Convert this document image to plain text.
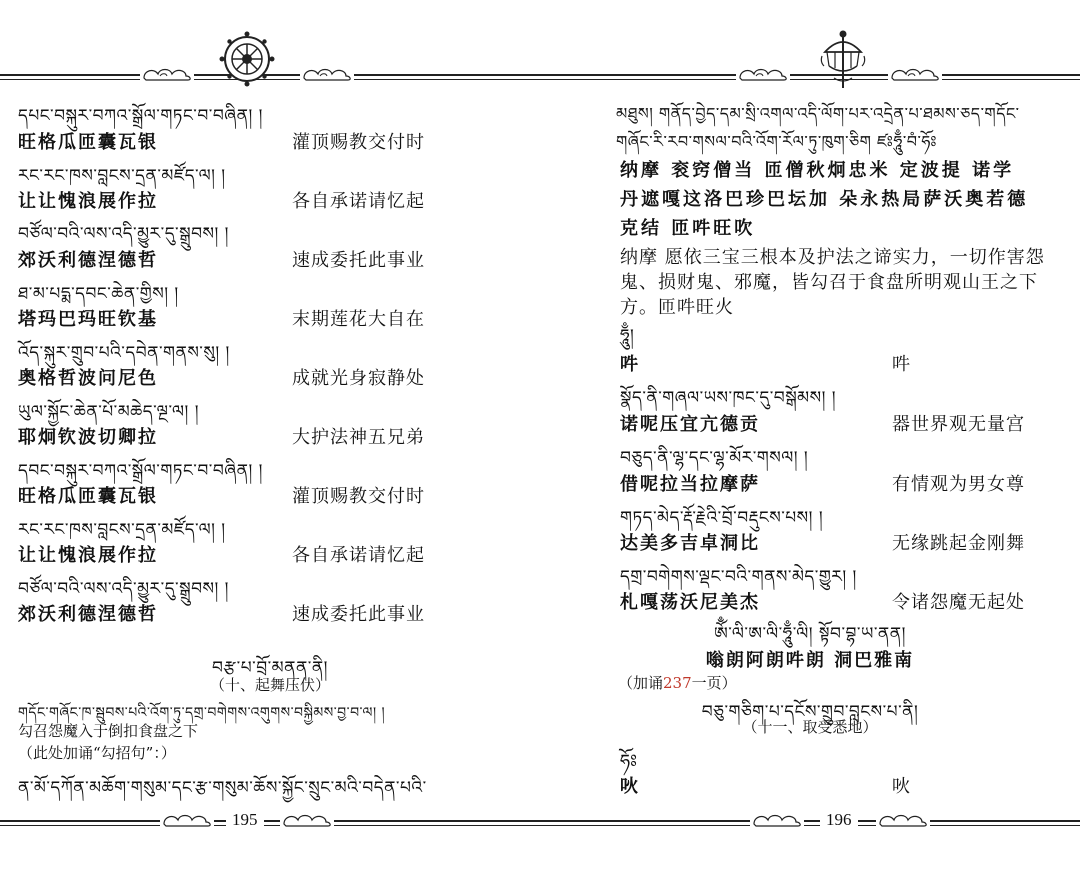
དཔང་བསྐུར་བཀའ་སྒྲོལ་གཏང་བ་བཞིན། །
旺格瓜匝囊瓦银	灌顶赐教交付时
རང་རང་ཁས་བླངས་དྲན་མཛོད་ལ། །
让让愧浪展作拉	各自承诺请忆起
བཙོལ་བའི་ལས་འདི་མྱུར་དུ་སྒྲུབས། །
郊沃利德涅德哲	速成委托此事业
ཐ་མ་པདྨ་དབང་ཆེན་གྱིས། །
塔玛巴玛旺钦基	末期莲花大自在
འོད་སྐུར་གྲུབ་པའི་དབེན་གནས་སུ། །
奥格哲波问尼色	成就光身寂静处
ཡུལ་སྐྱོང་ཆེན་པོ་མཆེད་ལྔ་ལ། །
耶炯钦波切卿拉	大护法神五兄弟
དབང་བསྐུར་བཀའ་སྒྲོལ་གཏང་བ་བཞིན། །
旺格瓜匝囊瓦银	灌顶赐教交付时
རང་རང་ཁས་བླངས་དྲན་མཛོད་ལ། །
让让愧浪展作拉	各自承诺请忆起
བཙོལ་བའི་ལས་འདི་མྱུར་དུ་སྒྲུབས། །
郊沃利德涅德哲	速成委托此事业
བརྩ་པ་བྲོ་མནན་ནི།
（十、起舞压伏）
གདོང་གཞོང་ཁ་སྦུབས་པའི་འོག་ཏུ་དགྲ་བགེགས་འགུགས་བསྐྱིམས་བྱ་བ་ལ། །
勾召怨魔入于倒扣食盘之下
（此处加诵“勾招句”：）
ན་མོ་དཀོན་མཆོག་གསུམ་དང་རྩ་གསུམ་ཆོས་སྐྱོང་སྲུང་མའི་བདེན་པའི་
195
མཐུས། གནོད་བྱེད་དམ་སྲི་འགལ་འདི་ལོག་པར་འདྲེན་པ་ཐམས་ཅད་གདོང་
གཞོང་རི་རབ་གསལ་བའི་འོག་རོལ་ཏུ་ཁུག་ཅིག ཛཿཧཱུྃ་བཾ་ཧོཿ
纳摩 衮窍僧当 匝僧秋炯忠米 定波提 诺学
丹遮嘎这洛巴珍巴坛加 朵永热局萨沃奥若德
克结 匝吽旺吹
纳摩 愿依三宝三根本及护法之谛实力，一切作害怨
鬼、损财鬼、邪魔，皆勾召于食盘所明观山王之下
方。匝吽旺火
ཧཱུྃ།
吽	吽
སྣོད་ནི་གཞལ་ཡས་ཁང་དུ་བསྒོམས། །
诺呢压宜亢德贡	器世界观无量宫
བཅུད་ནི་ལྷ་དང་ལྷ་མོར་གསལ། །
借呢拉当拉摩萨	有情观为男女尊
གཏད་མེད་རྡོ་རྗེའི་བྲོ་བརྡུངས་པས། །
达美多吉卓洞比	无缘跳起金刚舞
དགྲ་བགེགས་ལྡང་བའི་གནས་མེད་གྱུར། །
札嘎荡沃尼美杰	令诸怨魔无起处
ཨོྃ་ལི་ཨ་ལི་ཧཱུྃ་ལི། སྟོབ་བྷ་ཡ་ནན།
嗡朗阿朗吽朗 洞巴雅南
（加诵237一页）
བཅུ་གཅིག་པ་དངོས་གྲུབ་བླངས་པ་ནི།
（十一、取受悉地）
ཧོཿ
吙	吙
196
